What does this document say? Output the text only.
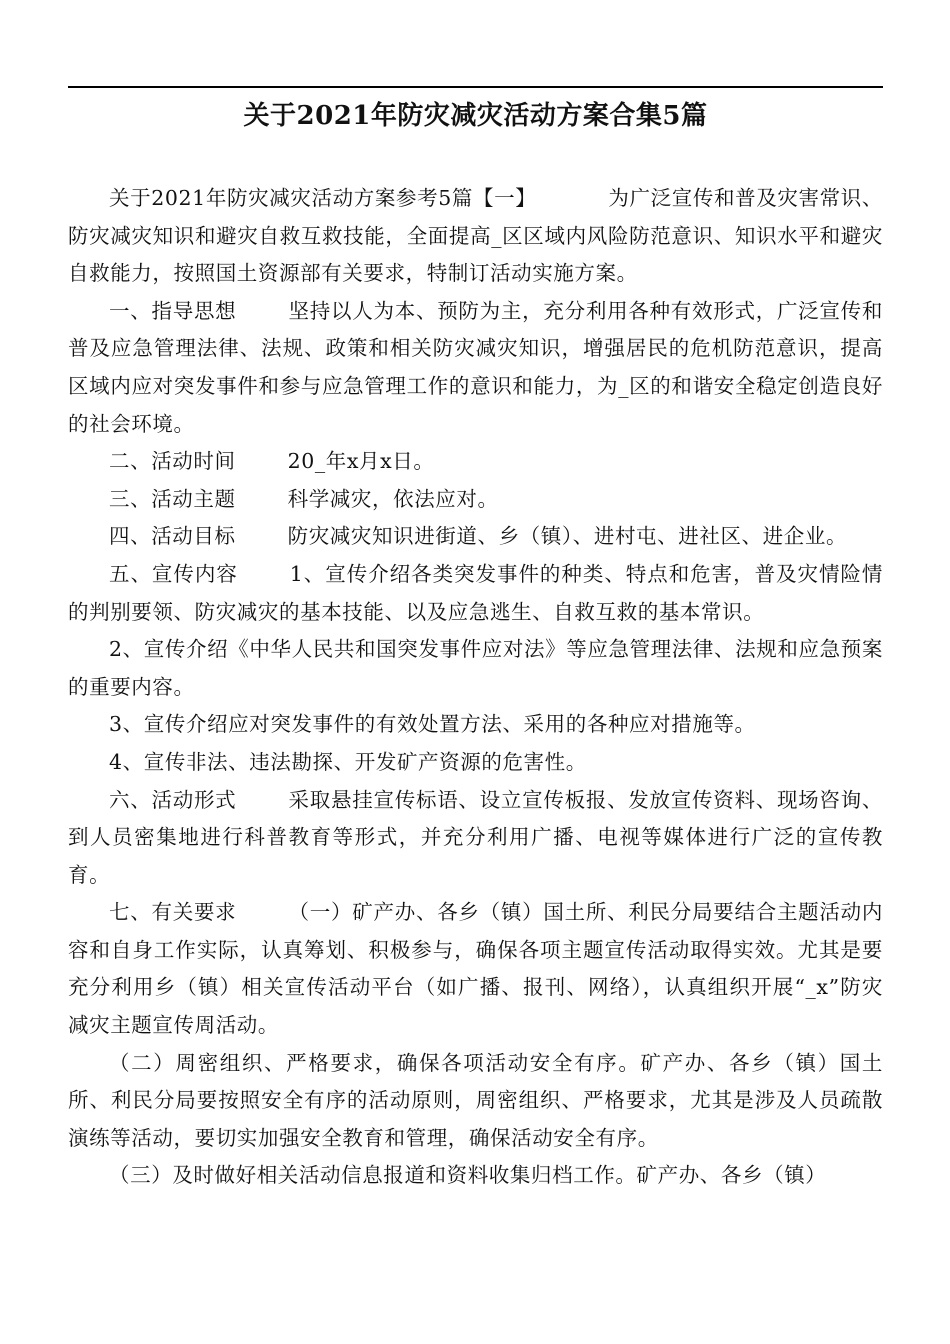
关于2021年防灾减灾活动方案合集5篇

关于2021年防灾减灾活动方案参考5篇【一】	为广泛宣传和普及灾害常识、防灾减灾知识和避灾自救互救技能，全面提高_区区域内风险防范意识、知识水平和避灾自救能力，按照国土资源部有关要求，特制订活动实施方案。

一、指导思想	坚持以人为本、预防为主，充分利用各种有效形式，广泛宣传和普及应急管理法律、法规、政策和相关防灾减灾知识，增强居民的危机防范意识，提高区域内应对突发事件和参与应急管理工作的意识和能力，为_区的和谐安全稳定创造良好的社会环境。

二、活动时间	20_年x月x日。

三、活动主题	科学减灾，依法应对。

四、活动目标	防灾减灾知识进街道、乡（镇）、进村屯、进社区、进企业。

五、宣传内容	1、宣传介绍各类突发事件的种类、特点和危害，普及灾情险情的判别要领、防灾减灾的基本技能、以及应急逃生、自救互救的基本常识。

2、宣传介绍《中华人民共和国突发事件应对法》等应急管理法律、法规和应急预案的重要内容。

3、宣传介绍应对突发事件的有效处置方法、采用的各种应对措施等。

4、宣传非法、违法勘探、开发矿产资源的危害性。

六、活动形式	采取悬挂宣传标语、设立宣传板报、发放宣传资料、现场咨询、到人员密集地进行科普教育等形式，并充分利用广播、电视等媒体进行广泛的宣传教育。

七、有关要求	（一）矿产办、各乡（镇）国土所、利民分局要结合主题活动内容和自身工作实际，认真筹划、积极参与，确保各项主题宣传活动取得实效。尤其是要充分利用乡（镇）相关宣传活动平台（如广播、报刊、网络），认真组织开展“_x”防灾减灾主题宣传周活动。

（二）周密组织、严格要求，确保各项活动安全有序。矿产办、各乡（镇）国土所、利民分局要按照安全有序的活动原则，周密组织、严格要求，尤其是涉及人员疏散演练等活动，要切实加强安全教育和管理，确保活动安全有序。

（三）及时做好相关活动信息报道和资料收集归档工作。矿产办、各乡（镇）
